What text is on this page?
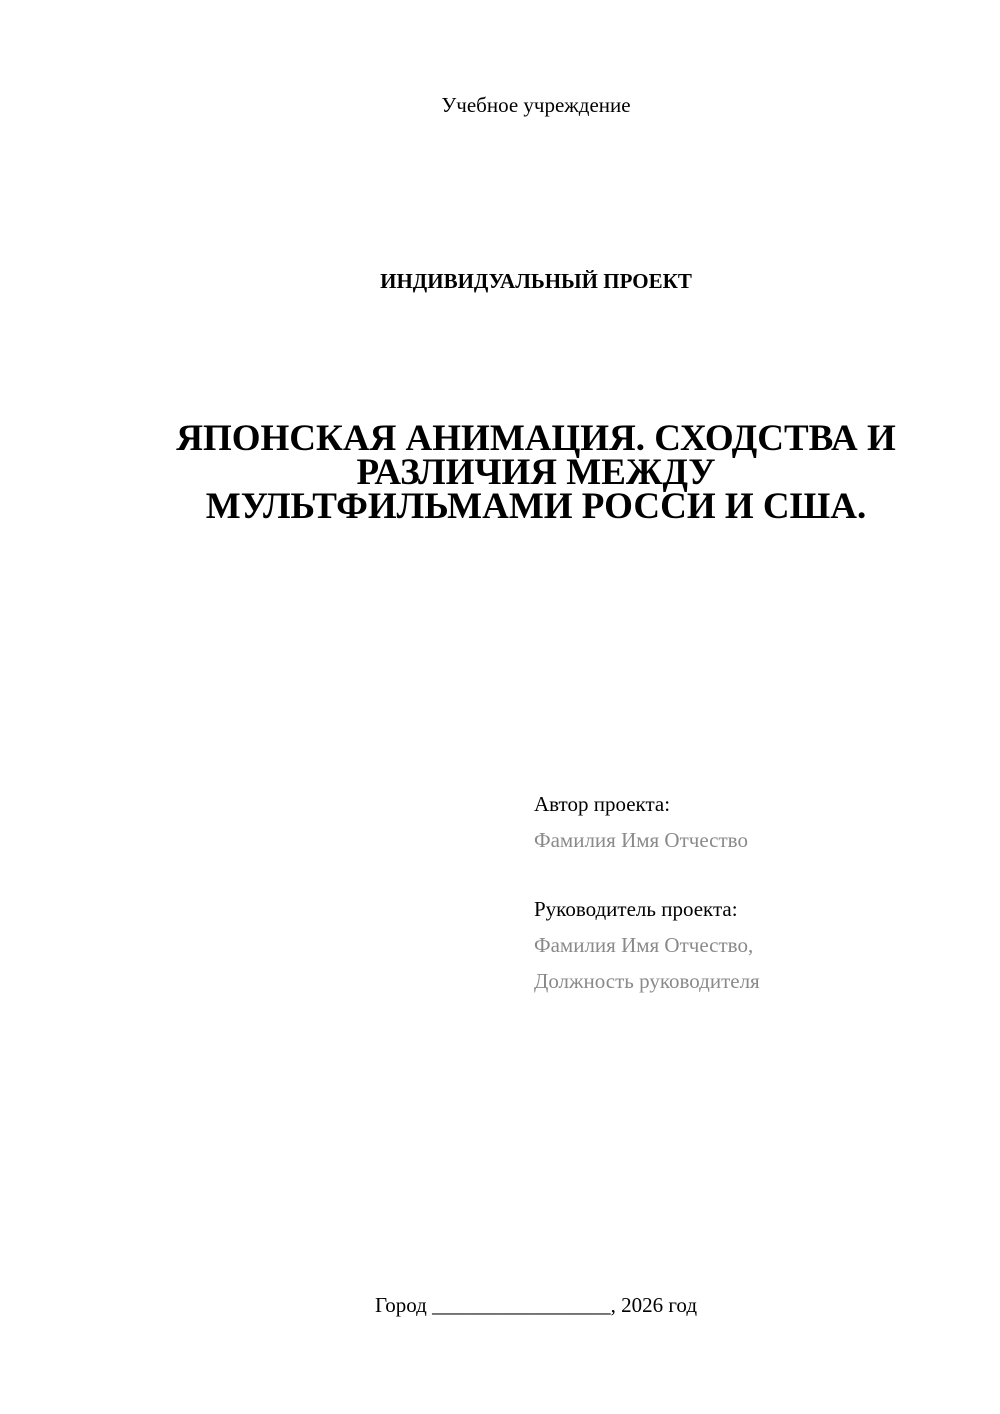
Учебное учреждение
ИНДИВИДУАЛЬНЫЙ ПРОЕКТ
ЯПОНСКАЯ АНИМАЦИЯ. СХОДСТВА И
РАЗЛИЧИЯ МЕЖДУ
МУЛЬТФИЛЬМАМИ РОССИ И США.
Автор проекта:
Фамилия Имя Отчество
Руководитель проекта:
Фамилия Имя Отчество,
Должность руководителя
Город _________________, 2026 год
